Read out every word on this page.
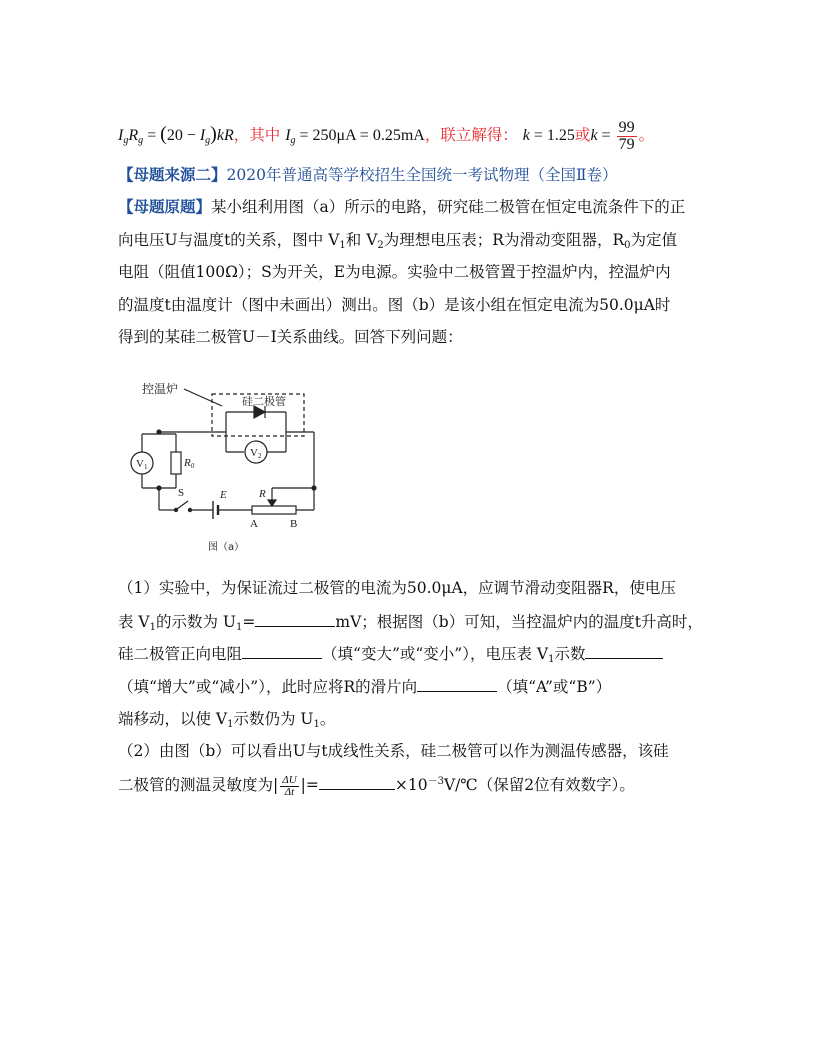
$I_gR_g = (20 - I_g)kR$，其中 $I_g = 250\mu A = 0.25mA$，联立解得： k = 1.25或$k = \frac{99}{79}$ 。
【母题来源二】2020年普通高等学校招生全国统一考试物理（全国Ⅱ卷）
【母题原题】某小组利用图（a）所示的电路，研究硅二极管在恒定电流条件下的正
向电压U与温度t的关系，图中 $V_1$和 $V_2$为理想电压表；R为滑动变阻器，$R_0$为定值
电阻（阻值100Ω）；S为开关，E为电源。实验中二极管置于控温炉内，控温炉内
的温度t由温度计（图中未画出）测出。图（b）是该小组在恒定电流为50.0μA时
得到的某硅二极管U－I关系曲线。回答下列问题：
控温炉
硅二极管
V2
V1	R0
S	E	R
A	B
图（a）
（1）实验中，为保证流过二极管的电流为50.0μA，应调节滑动变阻器R，使电压
表 $V_1$的示数为 $U_1=$	mV；根据图（b）可知，当控温炉内的温度t升高时，
硅二极管正向电阻	（填“变大”或“变小”），电压表 $V_1$示数
（填“增大”或“减小”），此时应将R的滑片向	（填“A”或“B”）
端移动，以使 $V_1$示数仍为 $U_1$。
（2）由图（b）可以看出U与t成线性关系，硅二极管可以作为测温传感器，该硅
二极管的测温灵敏度为| $\frac{\Delta U}{\Delta t}$ |=	$\times 10^{-3}V/℃$（保留2位有效数字）。
